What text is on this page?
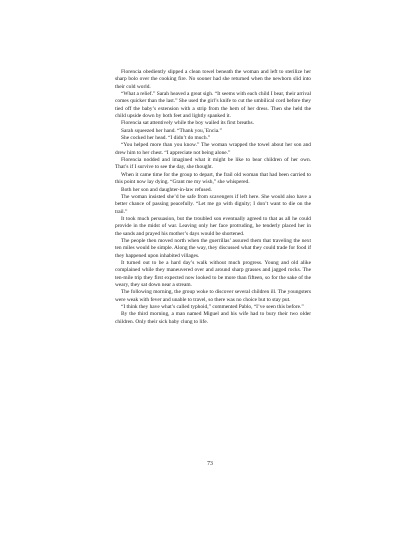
Florencia obediently slipped a clean towel beneath the woman and left to sterilize her sharp bolo over the cooking fire. No sooner had she returned when the newborn slid into their cold world.

“What a relief.” Sarah heaved a great sigh. “It seems with each child I bear, their arrival comes quicker than the last.” She used the girl’s knife to cut the umbilical cord before they tied off the baby’s extension with a strip from the hem of her dress. Then she held the child upside down by both feet and lightly spanked it.

Florencia sat attentively while the boy wailed its first breaths.

Sarah squeezed her hand. “Thank you,`Encia.”

She cocked her head. “I didn’t do much.”

“You helped more than you know.” The woman wrapped the towel about her son and drew him to her chest. “I appreciate not being alone.”

Florencia nodded and imagined what it might be like to bear children of her own. That’s if I survive to see the day, she thought.

When it came time for the group to depart, the frail old woman that had been carried to this point now lay dying. “Grant me my wish,” she whispered.

Both her son and daughter-in-law refused.

The woman insisted she’d be safe from scavengers if left here. She would also have a better chance of passing peacefully. “Let me go with dignity; I don’t want to die on the trail.”

It took much persuasion, but the troubled son eventually agreed to that as all he could provide in the midst of war. Leaving only her face protruding, he tenderly placed her in the sands and prayed his mother’s days would be shortened.

The people then moved north when the guerrillas’ assured them that traveling the next ten miles would be simple. Along the way, they discussed what they could trade for food if they happened upon inhabited villages.

It turned out to be a hard day’s walk without much progress. Young and old alike complained while they maneuvered over and around sharp grasses and jagged rocks. The ten-mile trip they first expected now looked to be more than fifteen, so for the sake of the weary, they sat down near a stream.

The following morning, the group woke to discover several children ill. The youngsters were weak with fever and unable to travel, so there was no choice but to stay put.

“I think they have what’s called typhoid,” commented Pablo, “I’ve seen this before.”

By the third morning, a man named Miguel and his wife had to bury their two older children. Only their sick baby clung to life.

73
